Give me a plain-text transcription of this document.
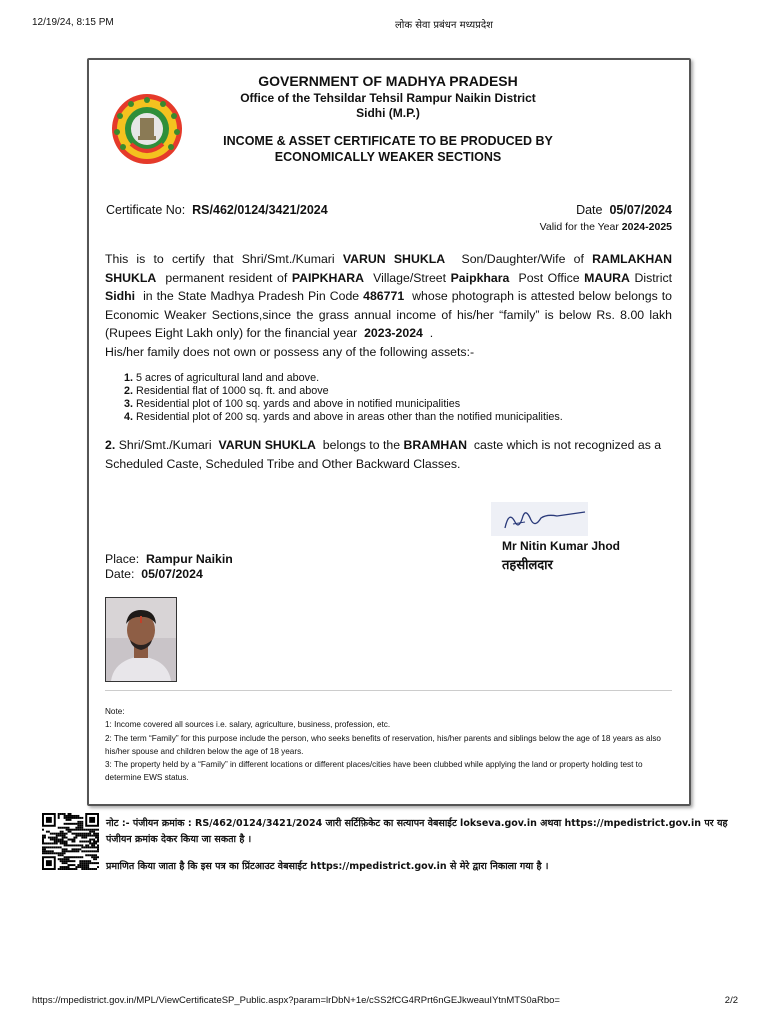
12/19/24, 8:15 PM	लोक सेवा प्रबंधन मध्यप्रदेश
GOVERNMENT OF MADHYA PRADESH
Office of the Tehsildar Tehsil Rampur Naikin District
Sidhi (M.P.)
INCOME & ASSET CERTIFICATE TO BE PRODUCED BY
ECONOMICALLY WEAKER SECTIONS
Certificate No: RS/462/0124/3421/2024	Date 05/07/2024
Valid for the Year 2024-2025
This is to certify that Shri/Smt./Kumari VARUN SHUKLA Son/Daughter/Wife of RAMLAKHAN SHUKLA permanent resident of PAIPKHARA Village/Street Paipkhara Post Office MAURA District Sidhi in the State Madhya Pradesh Pin Code 486771 whose photograph is attested below belongs to Economic Weaker Sections,since the grass annual income of his/her “family” is below Rs. 8.00 lakh (Rupees Eight Lakh only) for the financial year 2023-2024 .
His/her family does not own or possess any of the following assets:-
1. 5 acres of agricultural land and above.
2. Residential flat of 1000 sq. ft. and above
3. Residential plot of 100 sq. yards and above in notified municipalities
4. Residential plot of 200 sq. yards and above in areas other than the notified municipalities.
2. Shri/Smt./Kumari VARUN SHUKLA belongs to the BRAMHAN caste which is not recognized as a Scheduled Caste, Scheduled Tribe and Other Backward Classes.
Mr Nitin Kumar Jhod
तहसीलदार
Place: Rampur Naikin
Date: 05/07/2024
Note:
1: Income covered all sources i.e. salary, agriculture, business, profession, etc.
2: The term “Family” for this purpose include the person, who seeks benefits of reservation, his/her parents and siblings below the age of 18 years as also his/her spouse and children below the age of 18 years.
3: The property held by a “Family” in different locations or different places/cities have been clubbed while applying the land or property holding test to determine EWS status.
नोट :- पंजीयन क्रमांक : RS/462/0124/3421/2024 जारी सर्टिफ़िकेट का सत्यापन वेबसाईट lokseva.gov.in अथवा https://mpedistrict.gov.in पर यह पंजीयन क्रमांक देकर किया जा सकता है ।
प्रमाणित किया जाता है कि इस पत्र का प्रिंटआउट वेबसाईट https://mpedistrict.gov.in से मेरे द्वारा निकाला गया है ।
https://mpedistrict.gov.in/MPL/ViewCertificateSP_Public.aspx?param=lrDbN+1e/cSS2fCG4RPrt6nGEJkweauIYtnMTS0aRbo=	2/2
